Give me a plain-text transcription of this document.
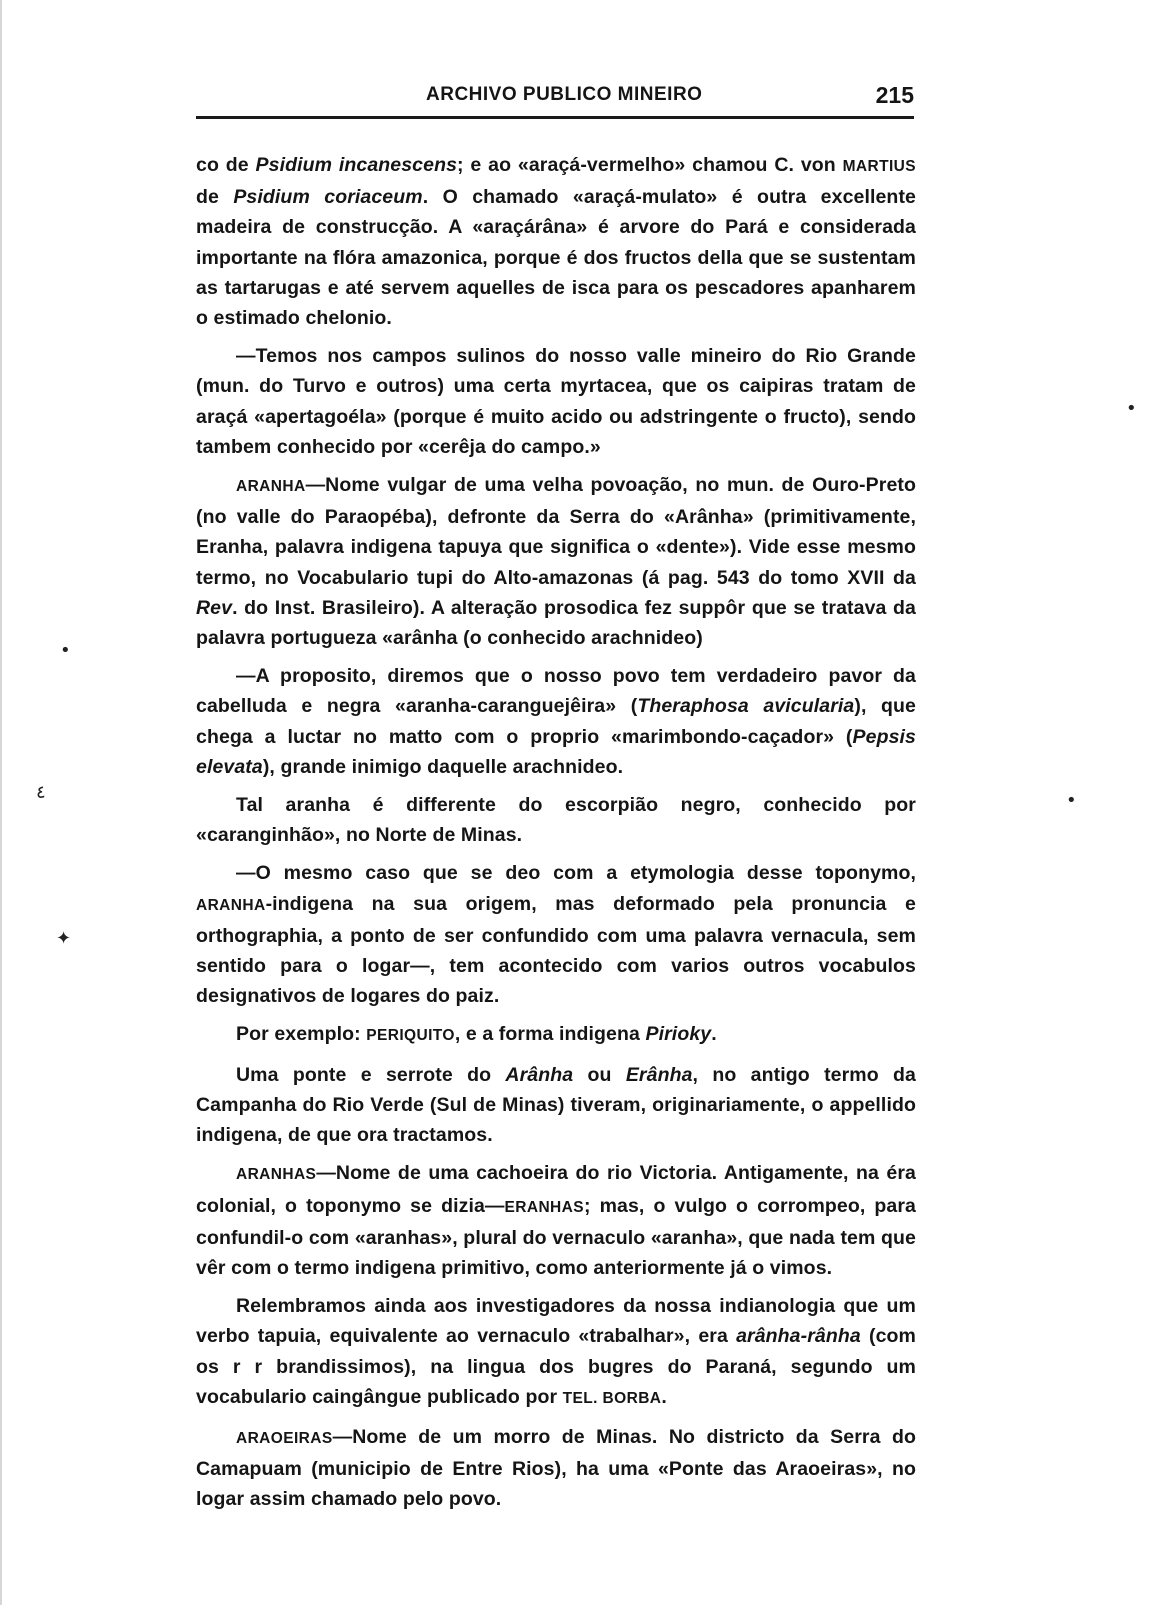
ARCHIVO PUBLICO MINEIRO	215

co de Psidium incanescens; e ao «araçá-vermelho» chamou C. von MARTIUS de Psidium coriaceum. O chamado «araçá-mulato» é outra excellente madeira de construcção. A «araçárâna» é arvore do Pará e considerada importante na flóra amazonica, porque é dos fructos della que se sustentam as tartarugas e até servem aquelles de isca para os pescadores apanharem o estimado chelonio.

—Temos nos campos sulinos do nosso valle mineiro do Rio Grande (mun. do Turvo e outros) uma certa myrtacea, que os caipiras tratam de araçá «apertagoéla» (porque é muito acido ou adstringente o fructo), sendo tambem conhecido por «cerêja do campo.»

ARANHA—Nome vulgar de uma velha povoação, no mun. de Ouro-Preto (no valle do Paraopéba), defronte da Serra do «Arânha» (primitivamente, Eranha, palavra indigena tapuya que significa o «dente»). Vide esse mesmo termo, no Vocabulario tupi do Alto-amazonas (á pag. 543 do tomo XVII da Rev. do Inst. Brasileiro). A alteração prosodica fez suppôr que se tratava da palavra portugueza «arânha (o conhecido arachnideo)

—A proposito, diremos que o nosso povo tem verdadeiro pavor da cabelluda e negra «aranha-caranguejêira» (Theraphosa avicularia), que chega a luctar no matto com o proprio «marimbondo-caçador» (Pepsis elevata), grande inimigo daquelle arachnideo.

Tal aranha é differente do escorpião negro, conhecido por «caranginhão», no Norte de Minas.

—O mesmo caso que se deo com a etymologia desse toponymo, ARANHA-indigena na sua origem, mas deformado pela pronuncia e orthographia, a ponto de ser confundido com uma palavra vernacula, sem sentido para o logar—, tem acontecido com varios outros vocabulos designativos de logares do paiz.

Por exemplo: PERIQUITO, e a forma indigena Pirioky.

Uma ponte e serrote do Arânha ou Erânha, no antigo termo da Campanha do Rio Verde (Sul de Minas) tiveram, originariamente, o appellido indigena, de que ora tractamos.

ARANHAS—Nome de uma cachoeira do rio Victoria. Antigamente, na éra colonial, o toponymo se dizia—ERANHAS; mas, o vulgo o corrompeo, para confundil-o com «aranhas», plural do vernaculo «aranha», que nada tem que vêr com o termo indigena primitivo, como anteriormente já o vimos.

Relembramos ainda aos investigadores da nossa indianologia que um verbo tapuia, equivalente ao vernaculo «trabalhar», era arânha-rânha (com os r r brandissimos), na lingua dos bugres do Paraná, segundo um vocabulario caingângue publicado por TEL. BORBA.

ARAOEIRAS—Nome de um morro de Minas. No districto da Serra do Camapuam (municipio de Entre Rios), ha uma «Ponte das Araoeiras», no logar assim chamado pelo povo.

•
٤
✦
•
•
